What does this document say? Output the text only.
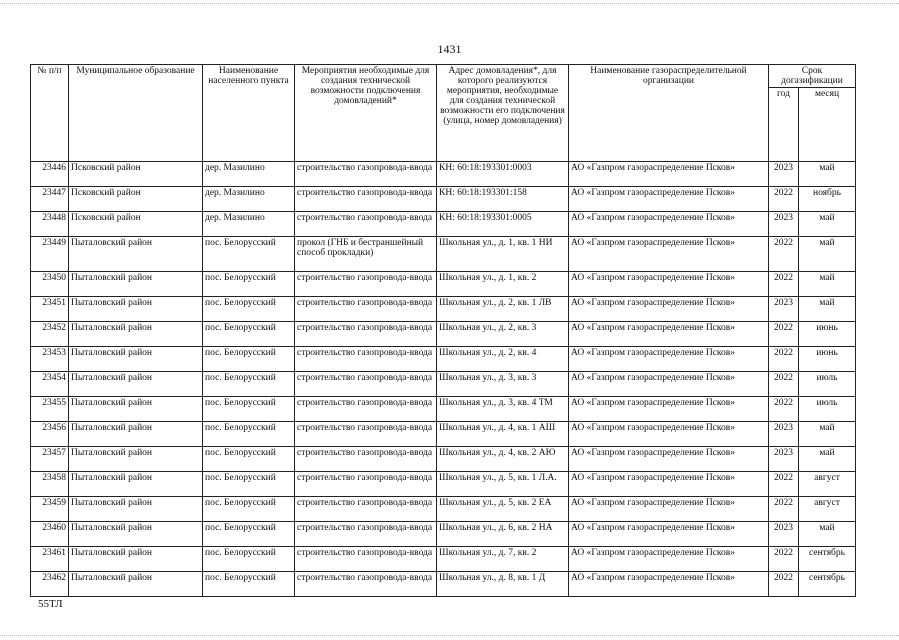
1431
№ п/п	Муниципальное образование	Наименование населенного пункта	Мероприятия необходимые для создания технической возможности подключения домовладений*	Адрес домовладения*, для которого реализуются мероприятия, необходимые для создания технической возможности его подключения (улица, номер домовладения)	Наименование газораспределительной организации	Срок догазификации	
						год	месяц
23446	Псковский район	дер. Мазилино	строительство газопровода-ввода	КН: 60:18:193301:0003	АО «Газпром газораспределение Псков»	2023	май
23447	Псковский район	дер. Мазилино	строительство газопровода-ввода	КН: 60:18:193301:158	АО «Газпром газораспределение Псков»	2022	ноябрь
23448	Псковский район	дер. Мазилино	строительство газопровода-ввода	КН: 60:18:193301:0005	АО «Газпром газораспределение Псков»	2023	май
23449	Пыталовский район	пос. Белорусский	прокол (ГНБ и бестраншейный способ прокладки)	Школьная ул., д. 1, кв. 1 НИ	АО «Газпром газораспределение Псков»	2022	май
23450	Пыталовский район	пос. Белорусский	строительство газопровода-ввода	Школьная ул., д. 1, кв. 2	АО «Газпром газораспределение Псков»	2022	май
23451	Пыталовский район	пос. Белорусский	строительство газопровода-ввода	Школьная ул., д. 2, кв. 1 ЛВ	АО «Газпром газораспределение Псков»	2023	май
23452	Пыталовский район	пос. Белорусский	строительство газопровода-ввода	Школьная ул., д. 2, кв. 3	АО «Газпром газораспределение Псков»	2022	июнь
23453	Пыталовский район	пос. Белорусский	строительство газопровода-ввода	Школьная ул., д. 2, кв. 4	АО «Газпром газораспределение Псков»	2022	июнь
23454	Пыталовский район	пос. Белорусский	строительство газопровода-ввода	Школьная ул., д. 3, кв. 3	АО «Газпром газораспределение Псков»	2022	июль
23455	Пыталовский район	пос. Белорусский	строительство газопровода-ввода	Школьная ул., д. 3, кв. 4 ТМ	АО «Газпром газораспределение Псков»	2022	июль
23456	Пыталовский район	пос. Белорусский	строительство газопровода-ввода	Школьная ул., д. 4, кв. 1 АШ	АО «Газпром газораспределение Псков»	2023	май
23457	Пыталовский район	пос. Белорусский	строительство газопровода-ввода	Школьная ул., д. 4, кв. 2 АЮ	АО «Газпром газораспределение Псков»	2023	май
23458	Пыталовский район	пос. Белорусский	строительство газопровода-ввода	Школьная ул., д. 5, кв. 1 Л.А.	АО «Газпром газораспределение Псков»	2022	август
23459	Пыталовский район	пос. Белорусский	строительство газопровода-ввода	Школьная ул., д. 5, кв. 2 ЕА	АО «Газпром газораспределение Псков»	2022	август
23460	Пыталовский район	пос. Белорусский	строительство газопровода-ввода	Школьная ул., д. 6, кв. 2 НА	АО «Газпром газораспределение Псков»	2023	май
23461	Пыталовский район	пос. Белорусский	строительство газопровода-ввода	Школьная ул., д. 7, кв. 2	АО «Газпром газораспределение Псков»	2022	сентябрь
23462	Пыталовский район	пос. Белорусский	строительство газопровода-ввода	Школьная ул., д. 8, кв. 1 Д	АО «Газпром газораспределение Псков»	2022	сентябрь
55ТЛ
